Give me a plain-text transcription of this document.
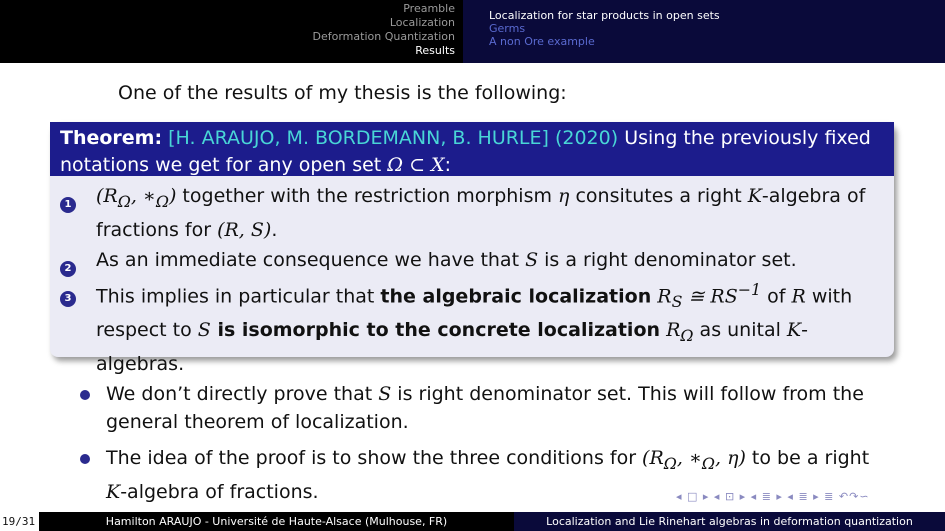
Preamble
Localization
Deformation Quantization
Results
Localization for star products in open sets
Germs
A non Ore example
One of the results of my thesis is the following:
Theorem: [H. ARAUJO, M. BORDEMANN, B. HURLE] (2020) Using the previously fixed notations we get for any open set Ω ⊂ X:
1	($R_\Omega$, $∗_\Omega$) together with the restriction morphism η consitutes a right K-algebra of fractions for (R, S).
2	As an immediate consequence we have that S is a right denominator set.
3	This implies in particular that the algebraic localization $R_S$ ≅ $RS^{-1}$ of R with respect to S is isomorphic to the concrete localization $R_\Omega$ as unital K-algebras.
We don’t directly prove that S is right denominator set. This will follow from the general theorem of localization.
The idea of the proof is to show the three conditions for ($R_\Omega$, $∗_\Omega$, η) to be a right K-algebra of fractions.	◂ □ ▸ ◂ ⊡ ▸ ◂ ≣ ▸ ◂ ≣ ▸ ≣ ↶↷∽
19/31	Hamilton ARAUJO - Université de Haute-Alsace (Mulhouse, FR)	Localization and Lie Rinehart algebras in deformation quantization
